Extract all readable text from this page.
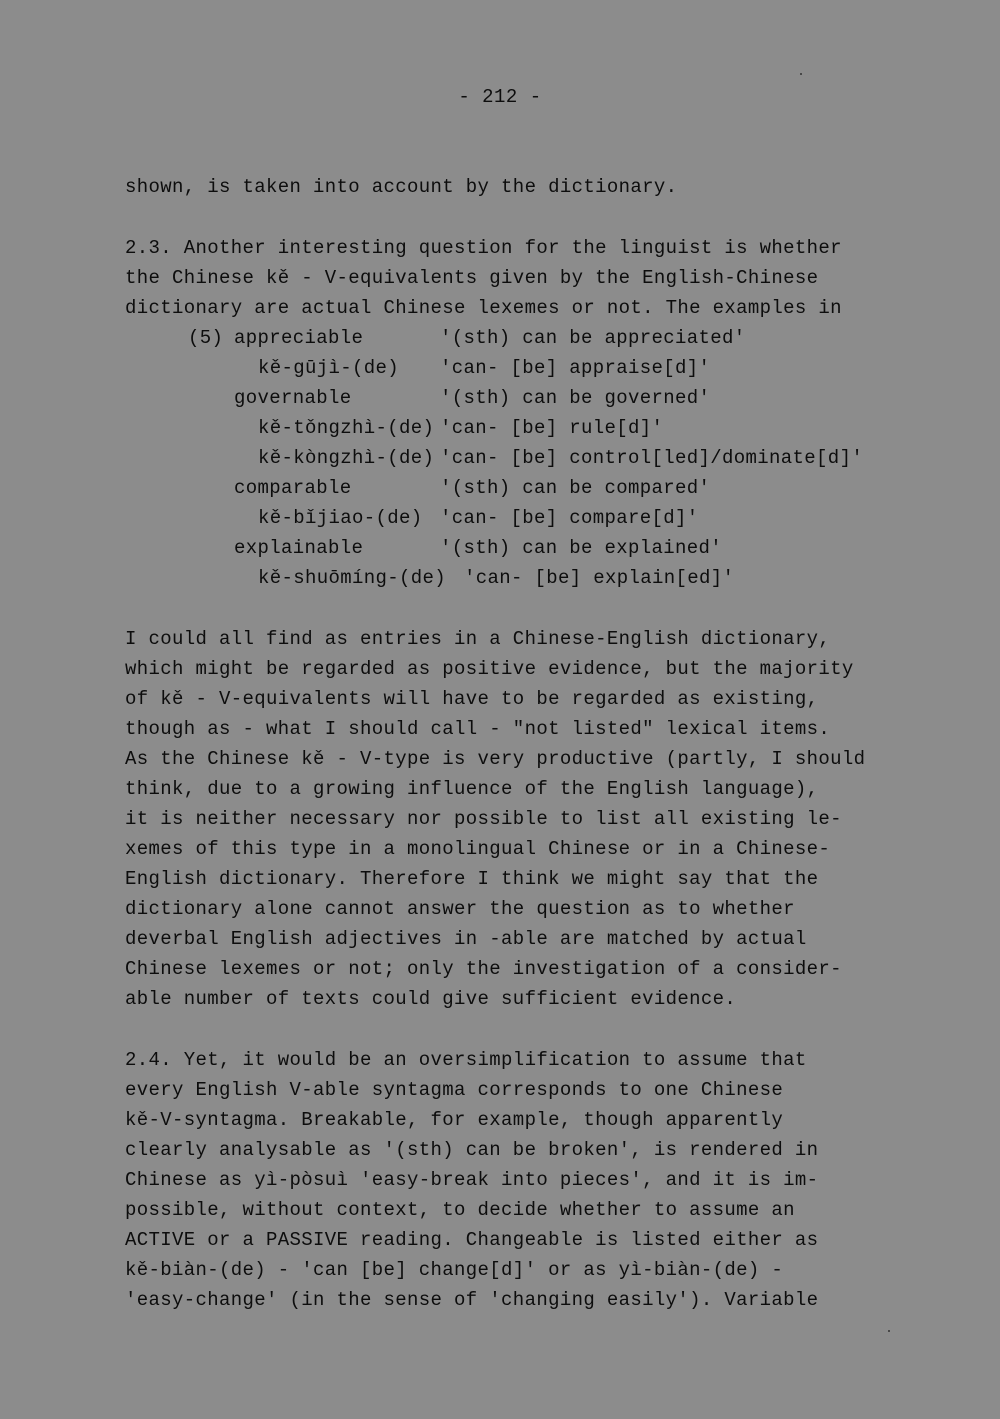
- 212 -
shown, is taken into account by the dictionary.
2.3. Another interesting question for the linguist is whether
the Chinese kě - V-equivalents given by the English-Chinese
dictionary are actual Chinese lexemes or not. The examples in
(5) appreciable	'(sth) can be appreciated'
kě-gūjì-(de) 'can- [be] appraise[d]'
governable	'(sth) can be governed'
kě-tǒngzhì-(de) 'can- [be] rule[d]'
kě-kòngzhì-(de) 'can- [be] control[led]/dominate[d]'
comparable	'(sth) can be compared'
kě-bǐjiao-(de) 'can- [be] compare[d]'
explainable	'(sth) can be explained'
kě-shuōmíng-(de) 'can- [be] explain[ed]'
I could all find as entries in a Chinese-English dictionary,
which might be regarded as positive evidence, but the majority
of kě - V-equivalents will have to be regarded as existing,
though as - what I should call - "not listed" lexical items.
As the Chinese kě - V-type is very productive (partly, I should
think, due to a growing influence of the English language),
it is neither necessary nor possible to list all existing le-
xemes of this type in a monolingual Chinese or in a Chinese-
English dictionary. Therefore I think we might say that the
dictionary alone cannot answer the question as to whether
deverbal English adjectives in -able are matched by actual
Chinese lexemes or not; only the investigation of a consider-
able number of texts could give sufficient evidence.
2.4. Yet, it would be an oversimplification to assume that
every English V-able syntagma corresponds to one Chinese
kě-V-syntagma. Breakable, for example, though apparently
clearly analysable as '(sth) can be broken', is rendered in
Chinese as yì-pòsuì 'easy-break into pieces', and it is im-
possible, without context, to decide whether to assume an
ACTIVE or a PASSIVE reading. Changeable is listed either as
kě-biàn-(de) - 'can [be] change[d]' or as yì-biàn-(de) -
'easy-change' (in the sense of 'changing easily'). Variable
